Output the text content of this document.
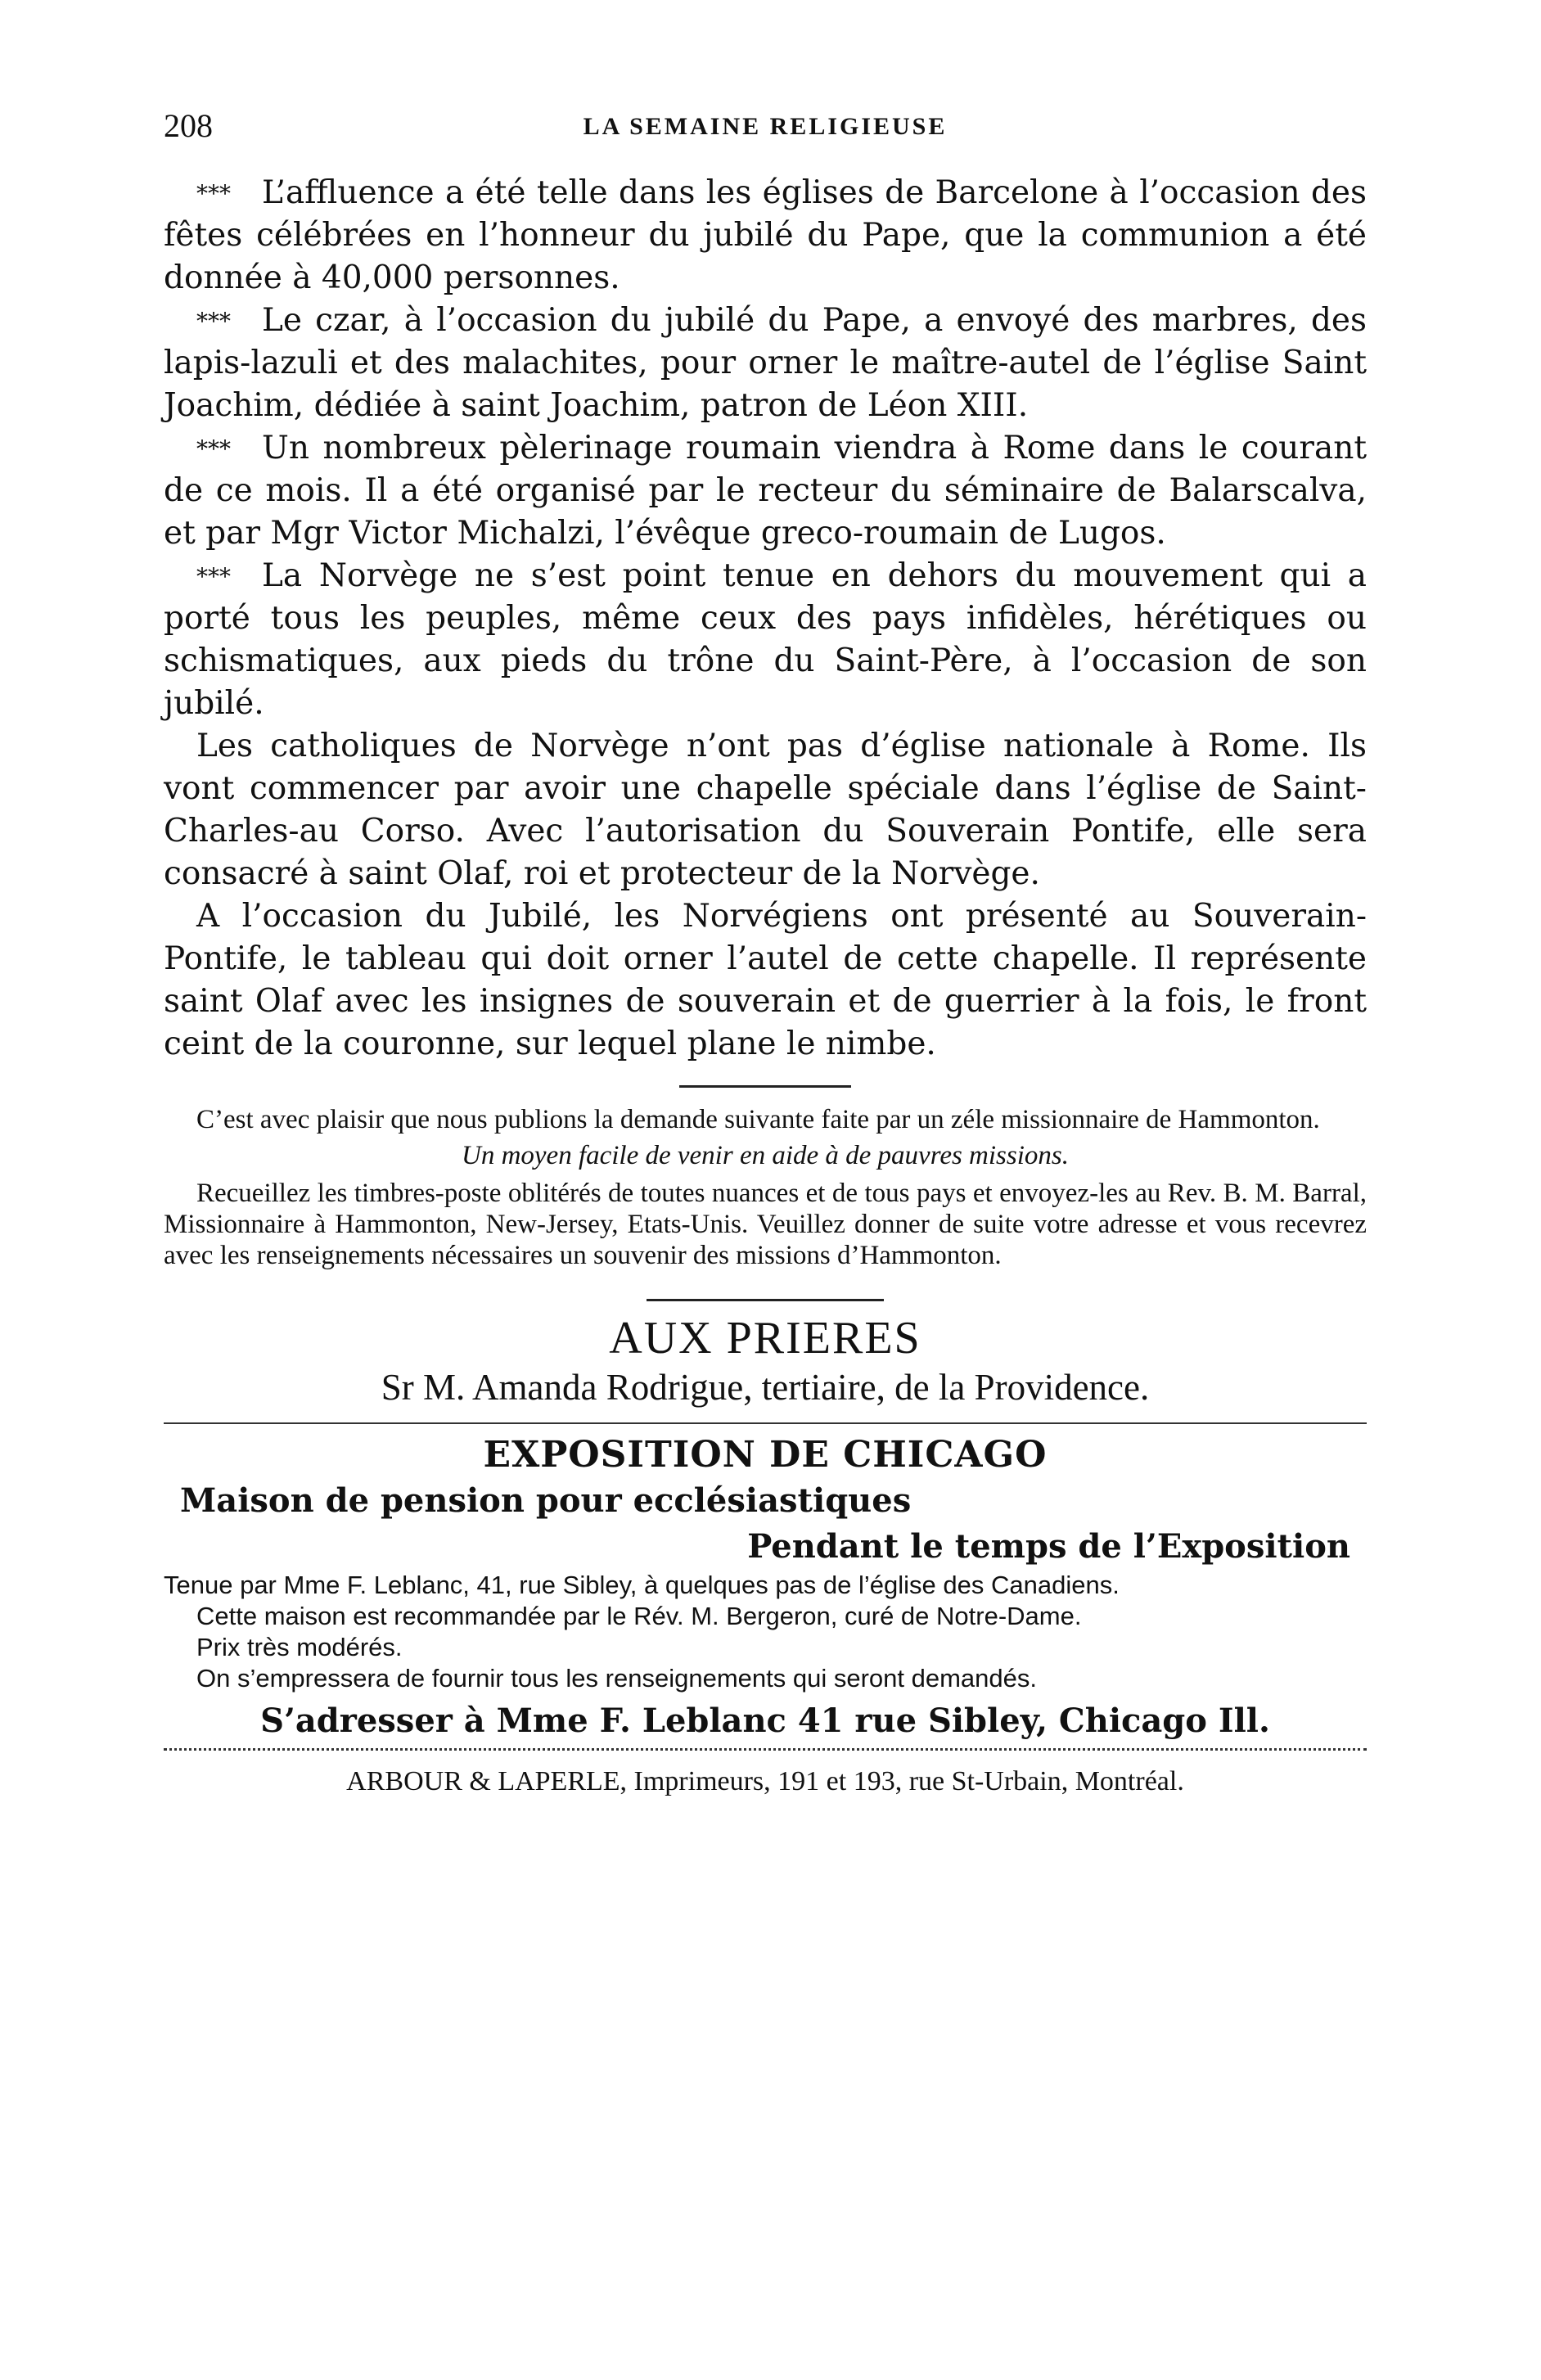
208	LA SEMAINE RELIGIEUSE

***L’affluence a été telle dans les églises de Barcelone à l’occasion des fêtes célébrées en l’honneur du jubilé du Pape, que la communion a été donnée à 40,000 personnes.

***Le czar, à l’occasion du jubilé du Pape, a envoyé des marbres, des lapis-lazuli et des malachites, pour orner le maître-autel de l’église Saint Joachim, dédiée à saint Joachim, patron de Léon XIII.

***Un nombreux pèlerinage roumain viendra à Rome dans le courant de ce mois. Il a été organisé par le recteur du séminaire de Balarscalva, et par Mgr Victor Michalzi, l’évêque greco-roumain de Lugos.

***La Norvège ne s’est point tenue en dehors du mouvement qui a porté tous les peuples, même ceux des pays infidèles, hérétiques ou schismatiques, aux pieds du trône du Saint-Père, à l’occasion de son jubilé.

Les catholiques de Norvège n’ont pas d’église nationale à Rome. Ils vont commencer par avoir une chapelle spéciale dans l’église de Saint-Charles-au Corso. Avec l’autorisation du Souverain Pontife, elle sera consacré à saint Olaf, roi et protecteur de la Norvège.

A l’occasion du Jubilé, les Norvégiens ont présenté au Souverain-Pontife, le tableau qui doit orner l’autel de cette chapelle. Il représente saint Olaf avec les insignes de souverain et de guerrier à la fois, le front ceint de la couronne, sur lequel plane le nimbe.

C’est avec plaisir que nous publions la demande suivante faite par un zéle missionnaire de Hammonton.

Un moyen facile de venir en aide à de pauvres missions.

Recueillez les timbres-poste oblitérés de toutes nuances et de tous pays et envoyez-les au Rev. B. M. Barral, Missionnaire à Hammonton, New-Jersey, Etats-Unis. Veuillez donner de suite votre adresse et vous recevrez avec les renseignements nécessaires un souvenir des missions d’Hammonton.

AUX PRIERES
Sr M. Amanda Rodrigue, tertiaire, de la Providence.
EXPOSITION DE CHICAGO
Maison de pension pour ecclésiastiques
Pendant le temps de l’Exposition

Tenue par Mme F. Leblanc, 41, rue Sibley, à quelques pas de l’église des Canadiens.

Cette maison est recommandée par le Rév. M. Bergeron, curé de Notre-Dame.

Prix très modérés.

On s’empressera de fournir tous les renseignements qui seront demandés.

S’adresser à Mme F. Leblanc 41 rue Sibley, Chicago Ill.
ARBOUR & LAPERLE, Imprimeurs, 191 et 193, rue St-Urbain, Montréal.
